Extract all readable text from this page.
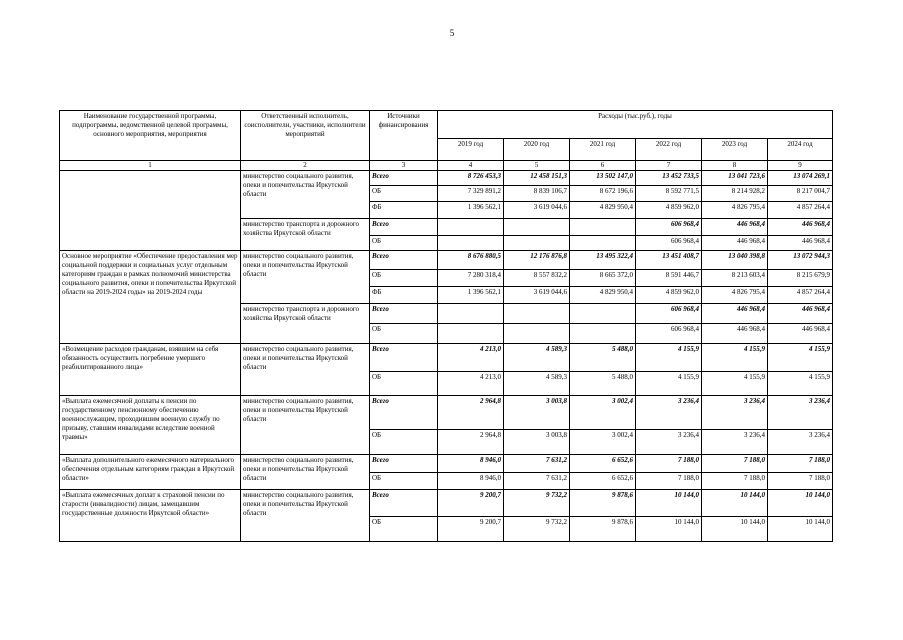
5
Наименование государственной программы, подпрограммы, ведомственной целевой программы, основного мероприятия, мероприятия	Ответственный исполнитель, соисполнители, участники, исполнители мероприятий	Источники финансирования	Расходы (тыс.руб.), годы					
			2019 год	2020 год	2021 год	2022 год	2023 год	2024 год
1	2	3	4	5	6	7	8	9
	министерство социального развития, опеки и попечительства Иркутской области	Всего	8 726 453,3	12 458 151,3	13 502 147,0	13 452 733,5	13 041 723,6	13 074 269,1
		ОБ	7 329 891,2	8 839 106,7	8 672 196,6	8 592 771,5	8 214 928,2	8 217 004,7
		ФБ	1 396 562,1	3 619 044,6	4 829 950,4	4 859 962,0	4 826 795,4	4 857 264,4
	министерство транспорта и дорожного хозяйства Иркутской области	Всего				606 968,4	446 968,4	446 968,4
		ОБ				606 968,4	446 968,4	446 968,4
Основное мероприятие «Обеспечение предоставления мер социальной поддержки и социальных услуг отдельным категориям граждан в рамках полномочий министерства социального развития, опеки и попечительства Иркутской области на 2019-2024 годы» на 2019-2024 годы	министерство социального развития, опеки и попечительства Иркутской области	Всего	8 676 880,5	12 176 876,8	13 495 322,4	13 451 408,7	13 040 398,8	13 072 944,3
		ОБ	7 280 318,4	8 557 832,2	8 665 372,0	8 591 446,7	8 213 603,4	8 215 679,9
		ФБ	1 396 562,1	3 619 044,6	4 829 950,4	4 859 962,0	4 826 795,4	4 857 264,4
	министерство транспорта и дорожного хозяйства Иркутской области	Всего				606 968,4	446 968,4	446 968,4
		ОБ				606 968,4	446 968,4	446 968,4
«Возмещение расходов гражданам, взявшим на себя обязанность осуществить погребение умершего реабилитированного лица»	министерство социального развития, опеки и попечительства Иркутской области	Всего	4 213,0	4 589,3	5 488,0	4 155,9	4 155,9	4 155,9
		ОБ	4 213,0	4 589,3	5 488,0	4 155,9	4 155,9	4 155,9
«Выплата ежемесячной доплаты к пенсии по государственному пенсионному обеспечению военнослужащим, проходившим военную службу по призыву, ставшим инвалидами вследствие военной травмы»	министерство социального развития, опеки и попечительства Иркутской области	Всего	2 964,8	3 003,8	3 002,4	3 236,4	3 236,4	3 236,4
		ОБ	2 964,8	3 003,8	3 002,4	3 236,4	3 236,4	3 236,4
«Выплата дополнительного ежемесячного материального обеспечения отдельным категориям граждан в Иркутской области»	министерство социального развития, опеки и попечительства Иркутской области	Всего	8 946,0	7 631,2	6 652,6	7 188,0	7 188,0	7 188,0
		ОБ	8 946,0	7 631,2	6 652,6	7 188,0	7 188,0	7 188,0
«Выплата ежемесячных доплат к страховой пенсии по старости (инвалидности) лицам, замещавшим государственные должности Иркутской области»	министерство социального развития, опеки и попечительства Иркутской области	Всего	9 200,7	9 732,2	9 878,6	10 144,0	10 144,0	10 144,0
		ОБ	9 200,7	9 732,2	9 878,6	10 144,0	10 144,0	10 144,0
